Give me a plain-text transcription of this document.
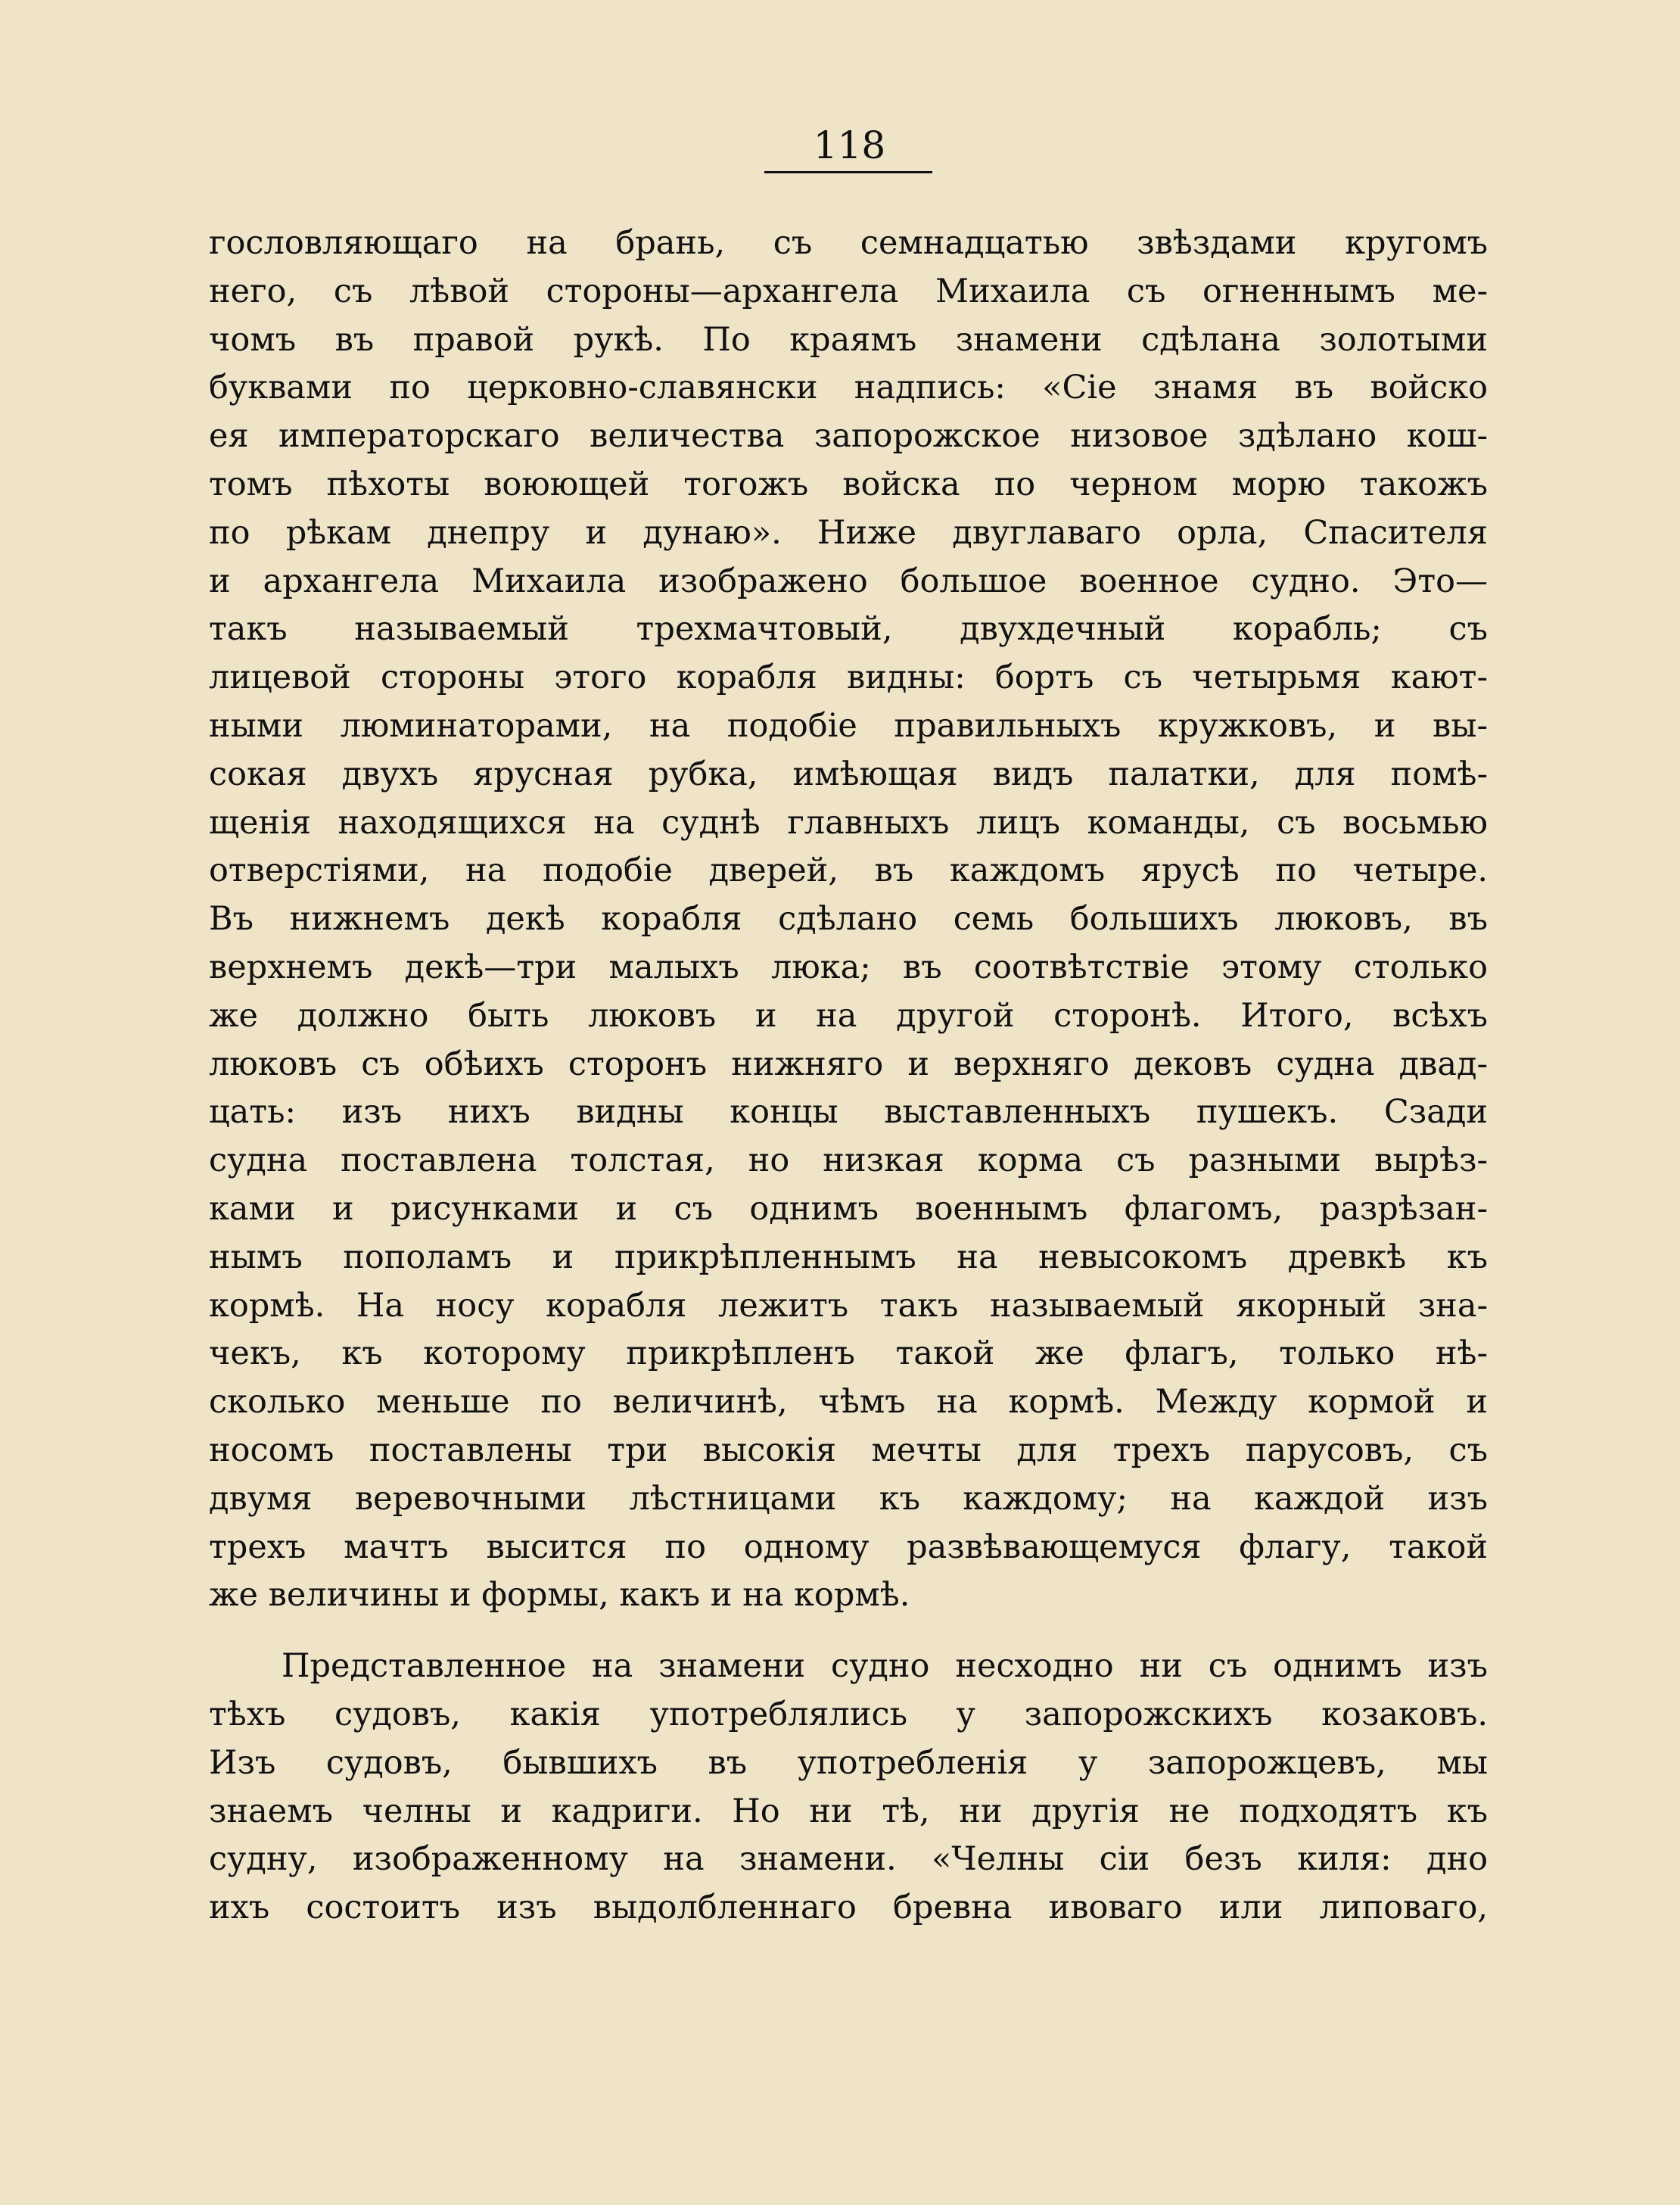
118
гословляющаго на брань, съ семнадцатью звѣздами кругомъ
него, съ лѣвой стороны—архангела Михаила съ огненнымъ ме-
чомъ въ правой рукѣ. По краямъ знамени сдѣлана золотыми
буквами по церковно-славянски надпись: «Сіе знамя въ войско
ея императорскаго величества запорожское низовое здѣлано кош-
томъ пѣхоты воюющей тогожъ войска по черном морю такожъ
по рѣкам днепру и дунаю». Ниже двуглаваго орла, Спасителя
и архангела Михаила изображено большое военное судно. Это—
такъ называемый трехмачтовый, двухдечный корабль; съ
лицевой стороны этого корабля видны: бортъ съ четырьмя кают-
ными люминаторами, на подобіе правильныхъ кружковъ, и вы-
сокая двухъ ярусная рубка, имѣющая видъ палатки, для помѣ-
щенія находящихся на суднѣ главныхъ лицъ команды, съ восьмью
отверстіями, на подобіе дверей, въ каждомъ ярусѣ по четыре.
Въ нижнемъ декѣ корабля сдѣлано семь большихъ люковъ, въ
верхнемъ декѣ—три малыхъ люка; въ соотвѣтствіе этому столько
же должно быть люковъ и на другой сторонѣ. Итого, всѣхъ
люковъ съ обѣихъ сторонъ нижняго и верхняго дековъ судна двад-
цать: изъ нихъ видны концы выставленныхъ пушекъ. Сзади
судна поставлена толстая, но низкая корма съ разными вырѣз-
ками и рисунками и съ однимъ военнымъ флагомъ, разрѣзан-
нымъ пополамъ и прикрѣпленнымъ на невысокомъ древкѣ къ
кормѣ. На носу корабля лежитъ такъ называемый якорный зна-
чекъ, къ которому прикрѣпленъ такой же флагъ, только нѣ-
сколько меньше по величинѣ, чѣмъ на кормѣ. Между кормой и
носомъ поставлены три высокія мечты для трехъ парусовъ, съ
двумя веревочными лѣстницами къ каждому; на каждой изъ
трехъ мачтъ высится по одному развѣвающемуся флагу, такой
же величины и формы, какъ и на кормѣ.
Представленное на знамени судно несходно ни съ однимъ изъ
тѣхъ судовъ, какія употреблялись у запорожскихъ козаковъ.
Изъ судовъ, бывшихъ въ употребленія у запорожцевъ, мы
знаемъ челны и кадриги. Но ни тѣ, ни другія не подходятъ къ
судну, изображенному на знамени. «Челны сіи безъ киля: дно
ихъ состоитъ изъ выдолбленнаго бревна ивоваго или липоваго,
